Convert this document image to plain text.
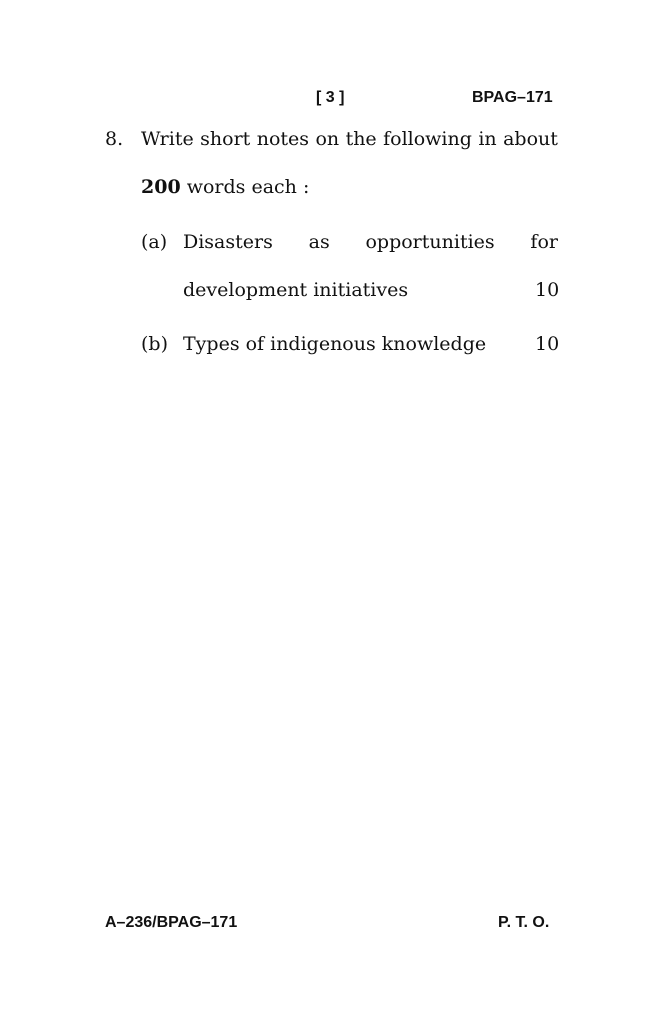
[ 3 ]	BPAG–171
8. Write short notes on the following in about
200 words each :
(a) Disasters as opportunities for
development initiatives	10
(b) Types of indigenous knowledge	10
A–236/BPAG–171	P. T. O.
